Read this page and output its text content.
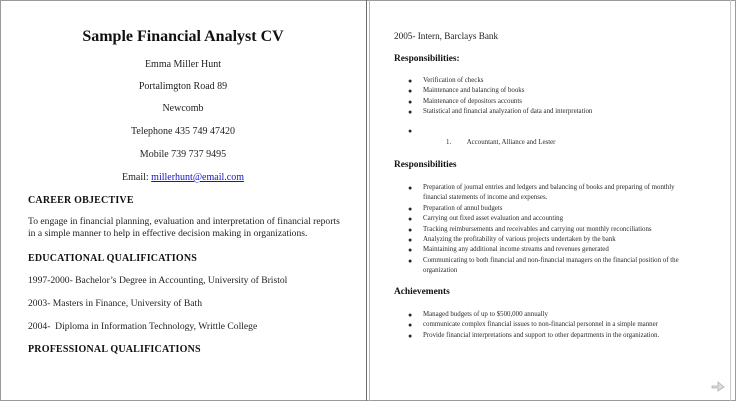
Sample Financial Analyst CV
Emma Miller Hunt
Portalimgton Road 89
Newcomb
Telephone 435 749 47420
Mobile 739 737 9495
Email: millerhunt@email.com
CAREER OBJECTIVE
To engage in financial planning, evaluation and interpretation of financial reports in a simple manner to help in effective decision making in organizations.
EDUCATIONAL QUALIFICATIONS
1997-2000- Bachelor’s Degree in Accounting, University of Bristol
2003- Masters in Finance, University of Bath
2004-  Diploma in Information Technology, Writtle College
PROFESSIONAL QUALIFICATIONS
2005- Intern, Barclays Bank
Responsibilities:
● Verification of checks
● Maintenance and balancing of books
● Maintenance of depositors accounts
● Statistical and financial analyzation of data and interpretation
●
1. Accountant, Alliance and Lester
Responsibilities
● Preparation of journal entries and ledgers and balancing of books and preparing of monthly financial statements of income and expenses.
● Preparation of annul budgets
● Carrying out fixed asset evaluation and accounting
● Tracking reimbursements and receivables and carrying out monthly reconciliations
● Analyzing the profitability of various projects undertaken by the bank
● Maintaining any additional income streams and revenues generated
● Communicating to both financial and non-financial managers on the financial position of the organization
Achievements
● Managed budgets of up to $500,000 annually
● communicate complex financial issues to non-financial personnel in a simple manner
● Provide financial interpretations and support to other departments in the organization.
